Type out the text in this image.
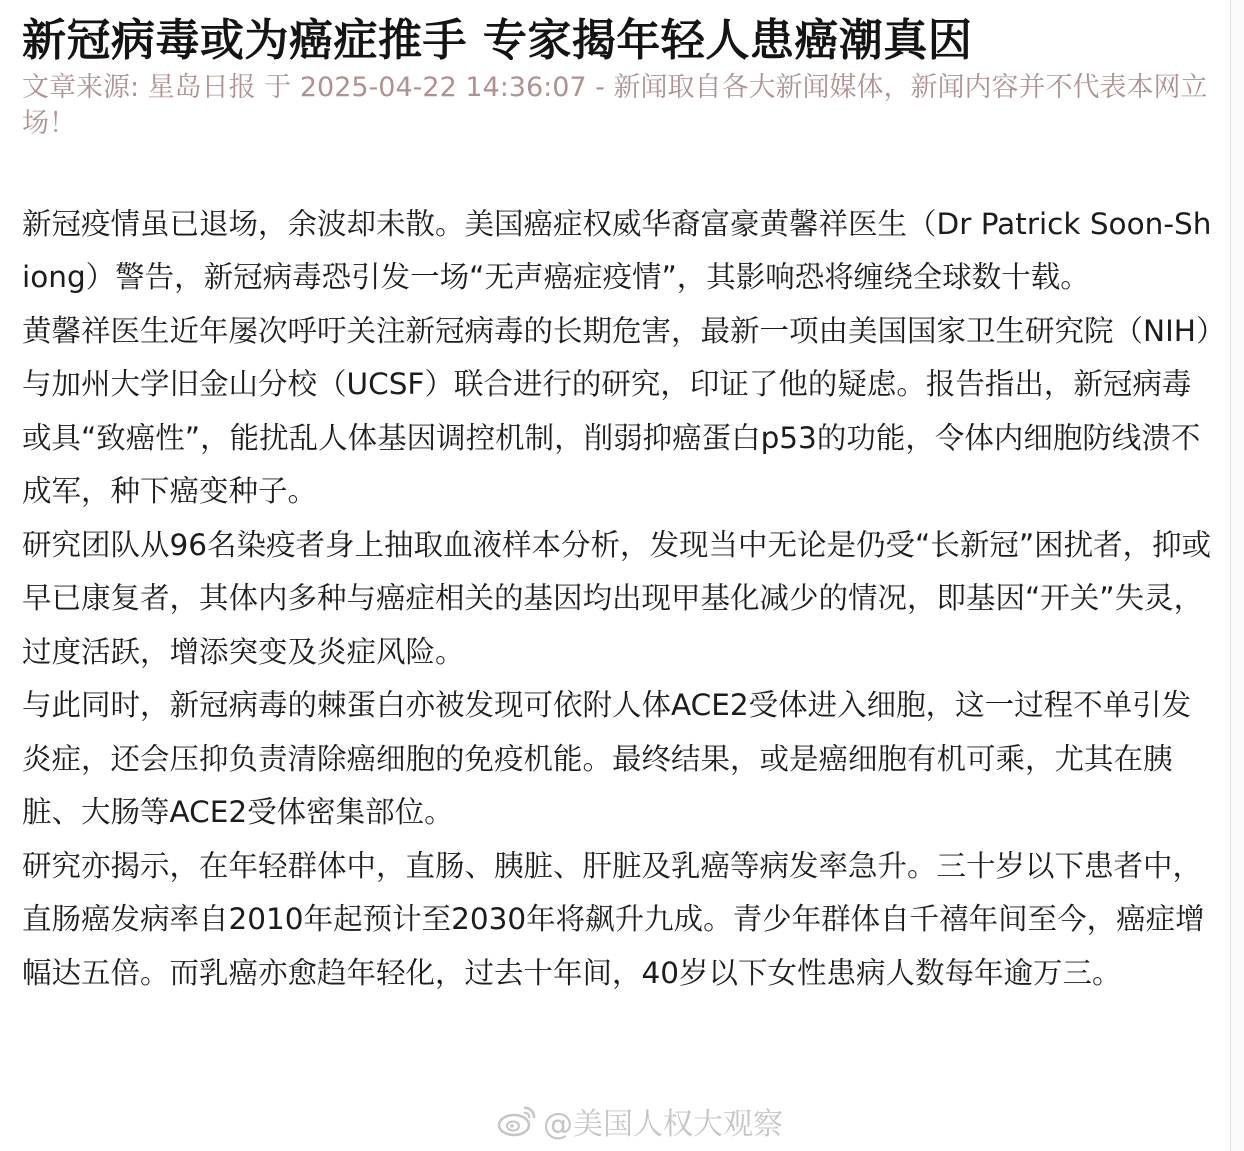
新冠病毒或为癌症推手 专家揭年轻人患癌潮真因
文章来源: 星岛日报 于 2025-04-22 14:36:07 - 新闻取自各大新闻媒体，新闻内容并不代表本网立场！

新冠疫情虽已退场，余波却未散。美国癌症权威华裔富豪黄馨祥医生（Dr Patrick Soon-Shiong）警告，新冠病毒恐引发一场“无声癌症疫情”，其影响恐将缠绕全球数十载。

黄馨祥医生近年屡次呼吁关注新冠病毒的长期危害，最新一项由美国国家卫生研究院（NIH）与加州大学旧金山分校（UCSF）联合进行的研究，印证了他的疑虑。报告指出，新冠病毒或具“致癌性”，能扰乱人体基因调控机制，削弱抑癌蛋白p53的功能，令体内细胞防线溃不成军，种下癌变种子。

研究团队从96名染疫者身上抽取血液样本分析，发现当中无论是仍受“长新冠”困扰者，抑或早已康复者，其体内多种与癌症相关的基因均出现甲基化减少的情况，即基因“开关”失灵，过度活跃，增添突变及炎症风险。

与此同时，新冠病毒的棘蛋白亦被发现可依附人体ACE2受体进入细胞，这一过程不单引发炎症，还会压抑负责清除癌细胞的免疫机能。最终结果，或是癌细胞有机可乘，尤其在胰脏、大肠等ACE2受体密集部位。

研究亦揭示，在年轻群体中，直肠、胰脏、肝脏及乳癌等病发率急升。三十岁以下患者中，直肠癌发病率自2010年起预计至2030年将飙升九成。青少年群体自千禧年间至今，癌症增幅达五倍。而乳癌亦愈趋年轻化，过去十年间，40岁以下女性患病人数每年逾万三。

@美国人权大观察
